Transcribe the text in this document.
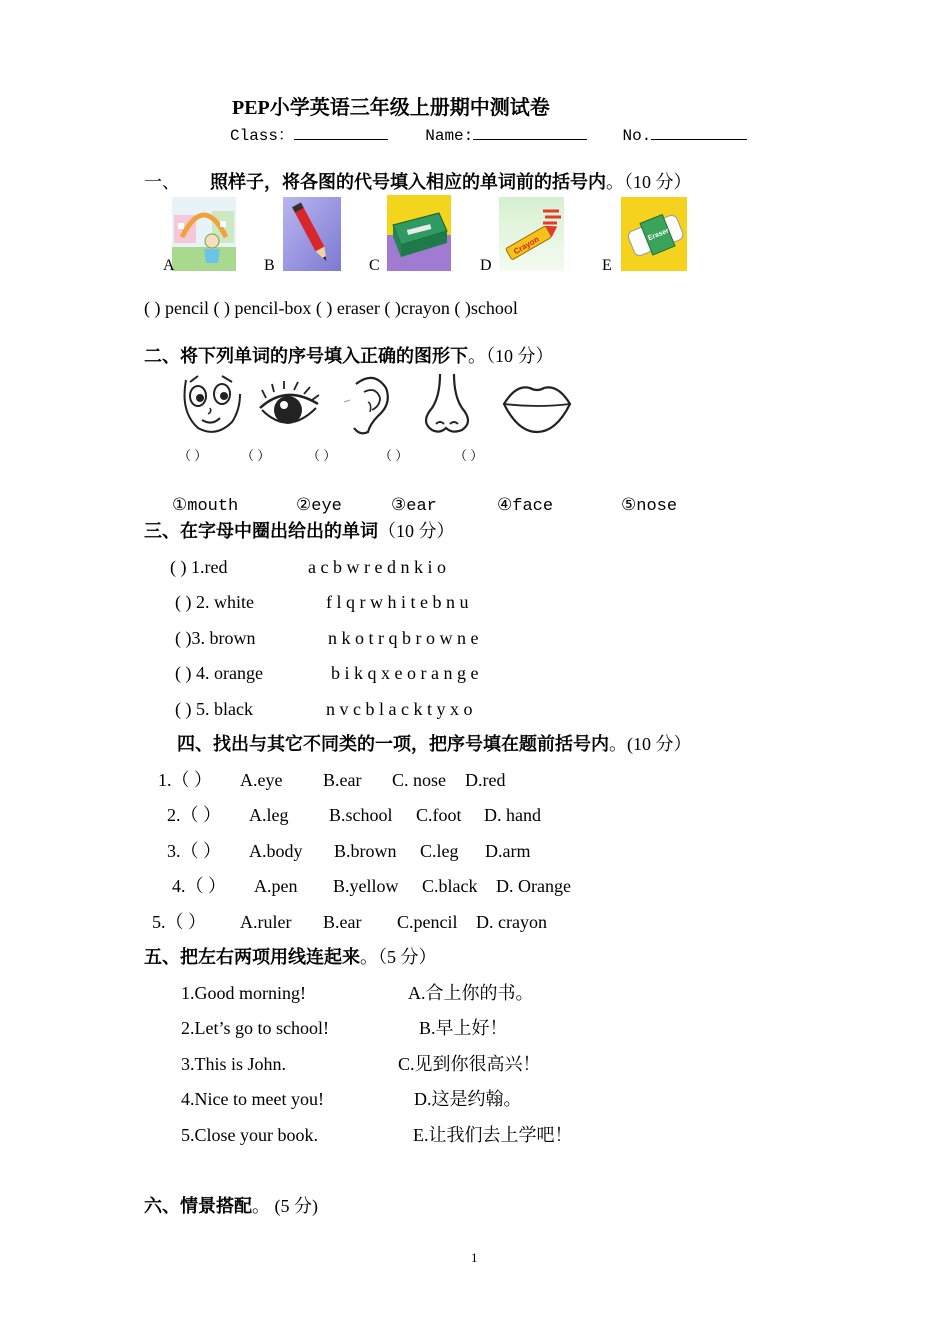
PEP小学英语三年级上册期中测试卷
Class：	Name:	No.
一、 照样子，将各图的代号填入相应的单词前的括号内。（10 分）
A	B	C
Crayon
D
Eraser
E
( ) pencil ( ) pencil-box ( ) eraser ( )crayon ( )school
二、将下列单词的序号填入正确的图形下。（10 分）
（ ）	（ ）	（ ）	（ ）	（ ）
①mouth	②eye	③ear	④face	⑤nose
三、在字母中圈出给出的单词（10 分）
( ) 1.red	a c b w r e d n k i o
( ) 2. white	f l q r w h i t e b n u
( )3. brown	n k o t r q b r o w n e
( ) 4. orange	b i k q x e o r a n g e
( ) 5. black	n v c b l a c k t y x o
四、找出与其它不同类的一项，把序号填在题前括号内。(10 分）
1.（ ） A.eye B.ear C. nose D.red
2.（ ） A.leg B.school C.foot D. hand
3.（ ） A.body B.brown C.leg D.arm
4.（ ） A.pen B.yellow C.black D. Orange
5.（ ） A.ruler B.ear C.pencil D. crayon
五、把左右两项用线连起来。（5 分）
1.Good morning!	A.合上你的书。
2.Let’s go to school!	B.早上好！
3.This is John.	C.见到你很高兴！
4.Nice to meet you!	D.这是约翰。
5.Close your book.	E.让我们去上学吧！
六、情景搭配。 (5 分)
1
